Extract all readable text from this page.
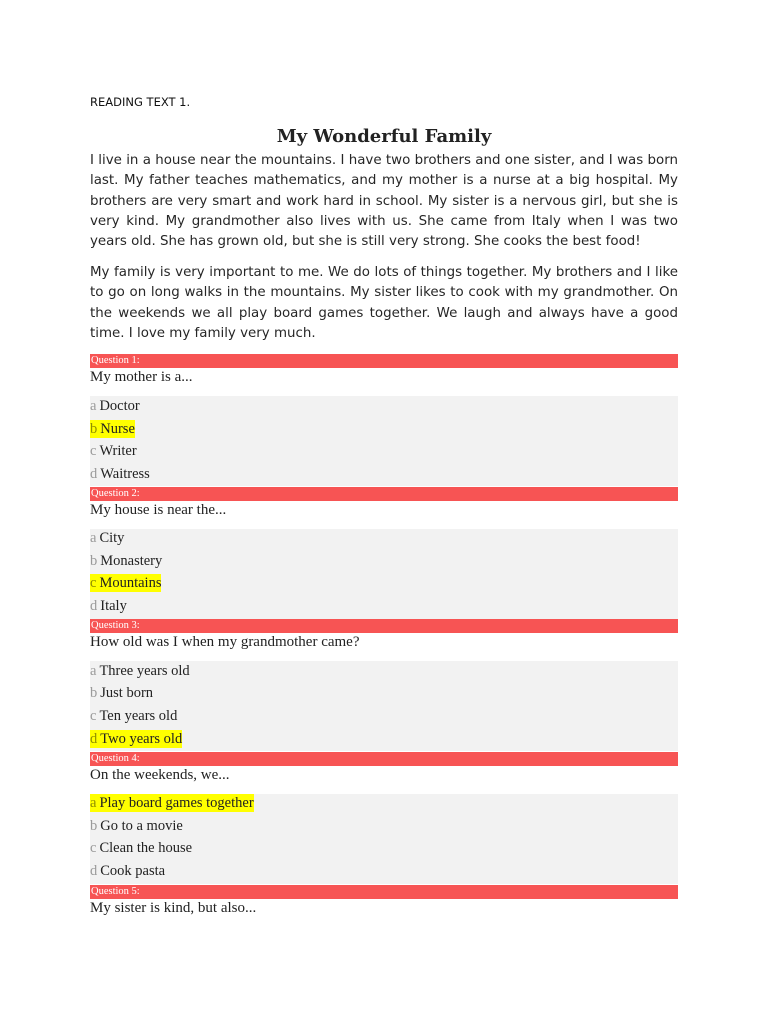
READING TEXT 1.
My Wonderful Family

I live in a house near the mountains. I have two brothers and one sister, and I was born last. My father teaches mathematics, and my mother is a nurse at a big hospital. My brothers are very smart and work hard in school. My sister is a nervous girl, but she is very kind. My grandmother also lives with us. She came from Italy when I was two years old. She has grown old, but she is still very strong. She cooks the best food!

My family is very important to me. We do lots of things together. My brothers and I like to go on long walks in the mountains. My sister likes to cook with my grandmother. On the weekends we all play board games together. We laugh and always have a good time. I love my family very much.

Question 1:
My mother is a...
a Doctor
b Nurse
c Writer
d Waitress
Question 2:
My house is near the...
a City
b Monastery
c Mountains
d Italy
Question 3:
How old was I when my grandmother came?
a Three years old
b Just born
c Ten years old
d Two years old
Question 4:
On the weekends, we...
a Play board games together
b Go to a movie
c Clean the house
d Cook pasta
Question 5:
My sister is kind, but also...
